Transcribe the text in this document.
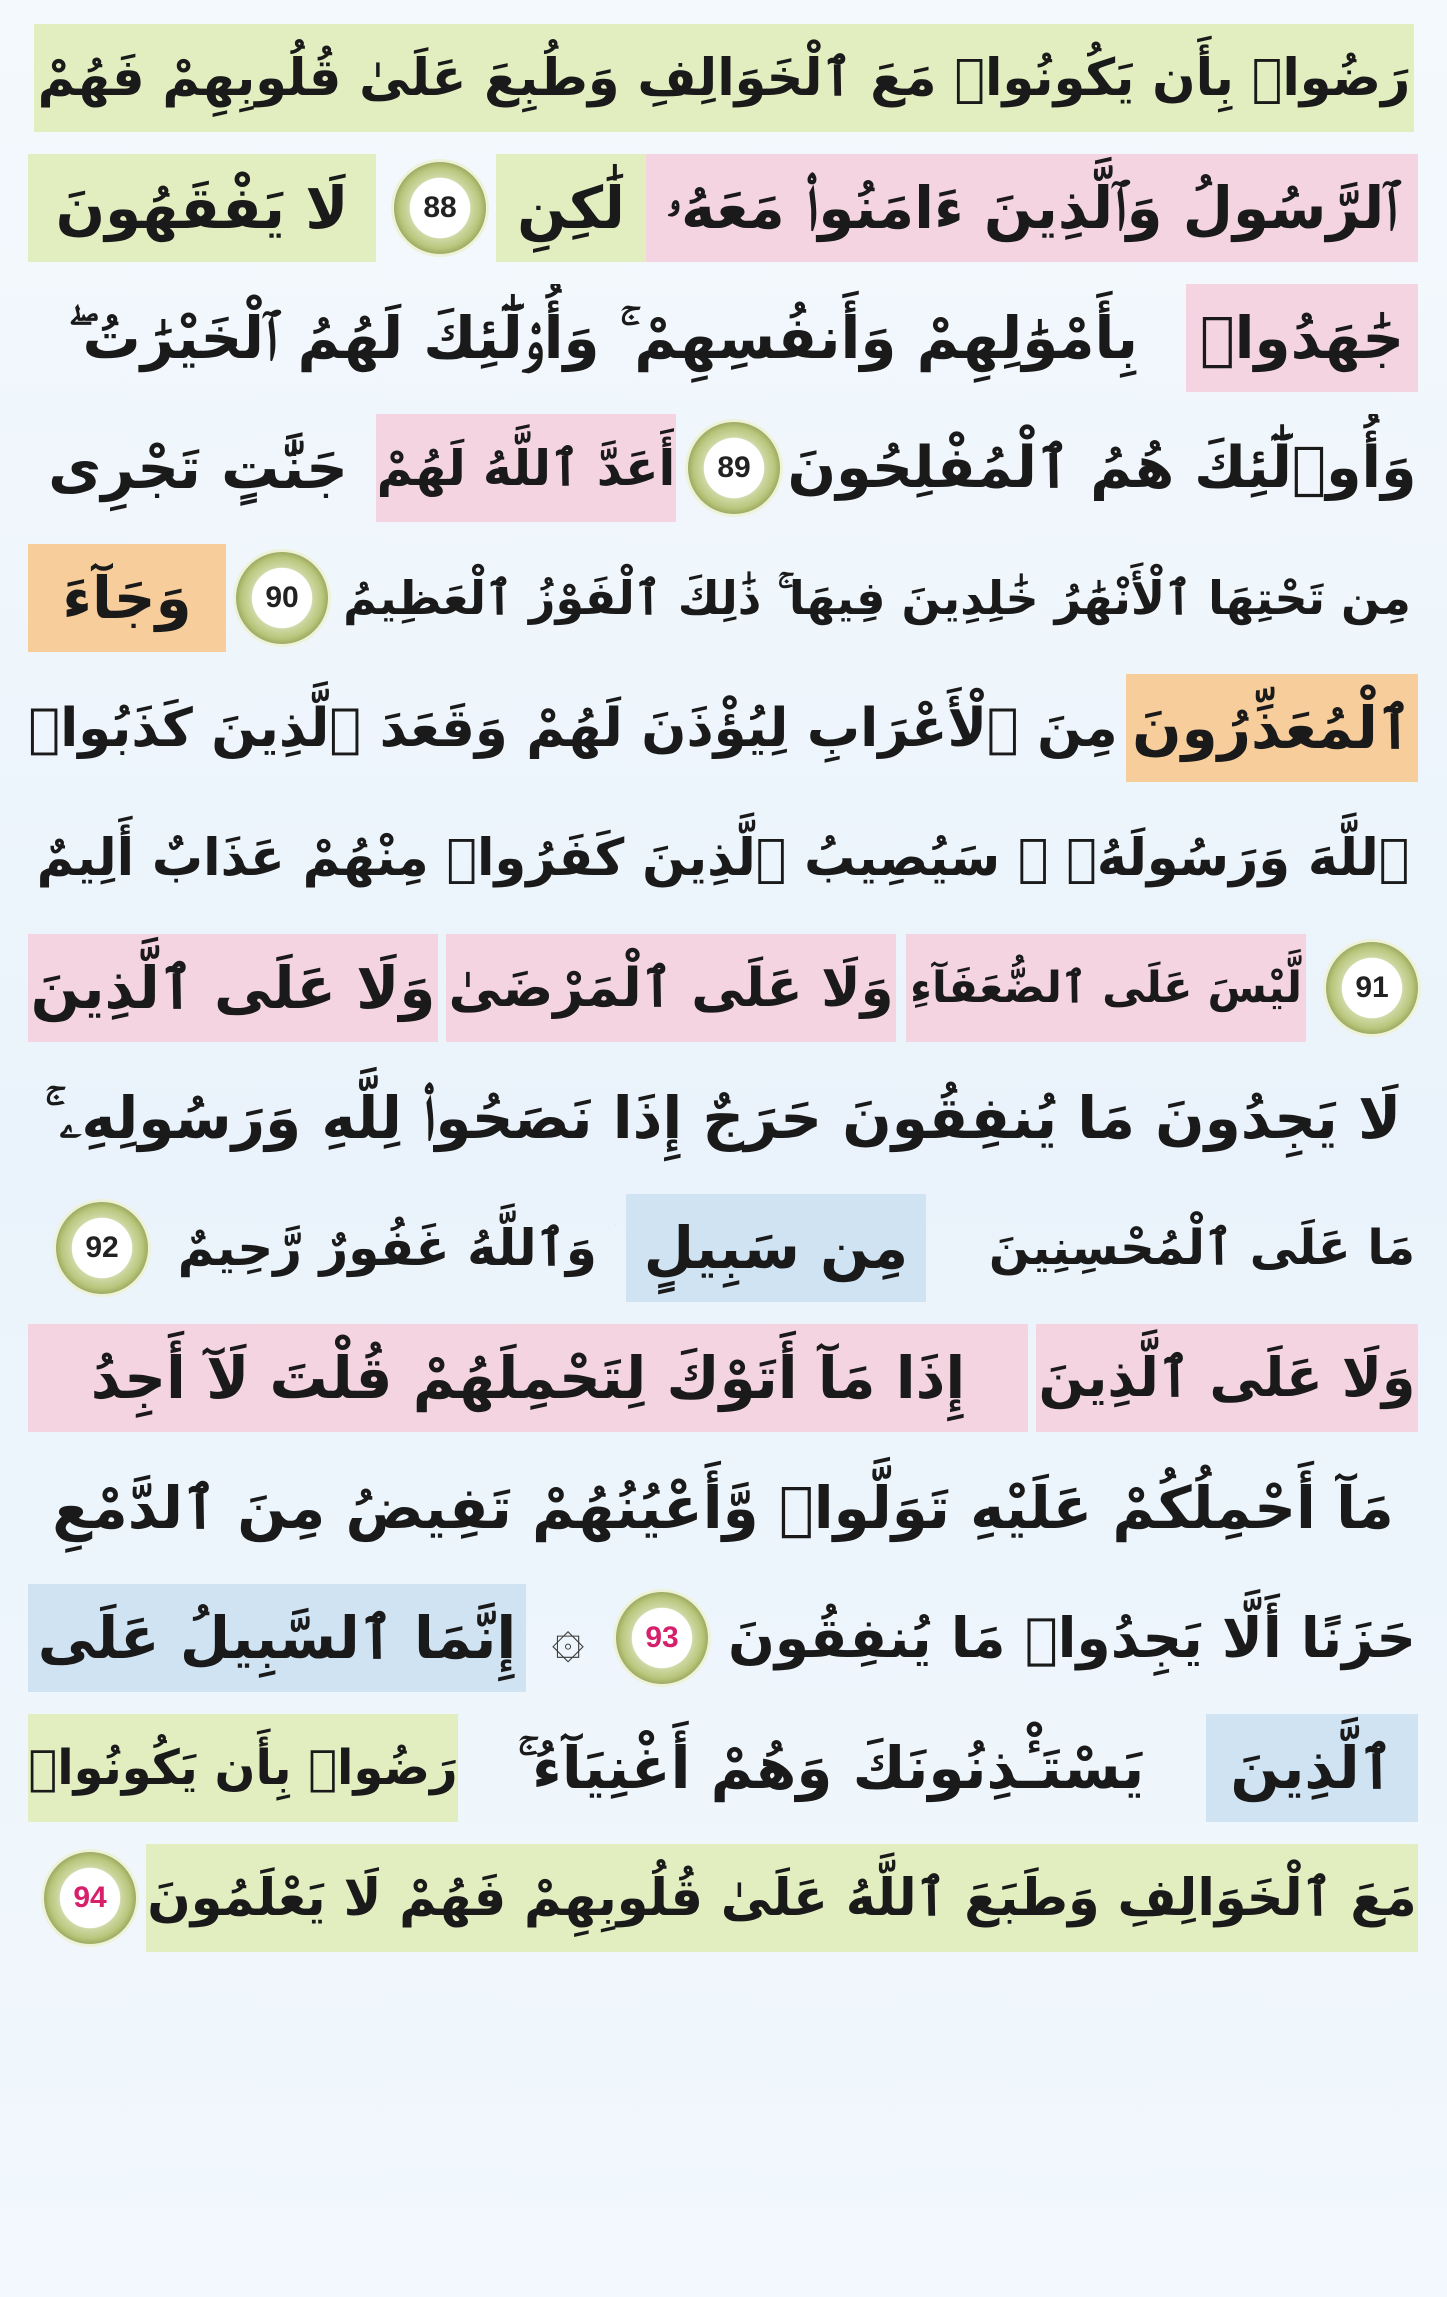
رَضُوا۟ بِأَن يَكُونُوا۟ مَعَ ٱلْخَوَالِفِ وَطُبِعَ عَلَىٰ قُلُوبِهِمْ فَهُمْ
لَا يَفْقَهُونَ	88	لَٰكِنِ ٱلرَّسُولُ وَٱلَّذِينَ ءَامَنُوا۟ مَعَهُۥ
جَٰهَدُوا۟
بِأَمْوَٰلِهِمْ وَأَنفُسِهِمْ ۚ وَأُو۟لَٰٓئِكَ لَهُمُ ٱلْخَيْرَٰتُ ۖ
وَأُو۟لَٰٓئِكَ هُمُ ٱلْمُفْلِحُونَ
89
أَعَدَّ ٱللَّهُ لَهُمْ
جَنَّٰتٍ تَجْرِى
مِن تَحْتِهَا ٱلْأَنْهَٰرُ خَٰلِدِينَ فِيهَا ۚ ذَٰلِكَ ٱلْفَوْزُ ٱلْعَظِيمُ
90
وَجَآءَ
ٱلْمُعَذِّرُونَ
مِنَ ٱلْأَعْرَابِ لِيُؤْذَنَ لَهُمْ وَقَعَدَ ٱلَّذِينَ كَذَبُوا۟
ٱللَّهَ وَرَسُولَهُۥ ۚ سَيُصِيبُ ٱلَّذِينَ كَفَرُوا۟ مِنْهُمْ عَذَابٌ أَلِيمٌ
91
لَّيْسَ عَلَى ٱلضُّعَفَآءِ
وَلَا عَلَى ٱلْمَرْضَىٰ
وَلَا عَلَى ٱلَّذِينَ
لَا يَجِدُونَ مَا يُنفِقُونَ حَرَجٌ إِذَا نَصَحُوا۟ لِلَّهِ وَرَسُولِهِۦ ۚ
مَا عَلَى ٱلْمُحْسِنِينَ
مِن سَبِيلٍ
ۚ وَٱللَّهُ غَفُورٌ رَّحِيمٌ
92
وَلَا عَلَى ٱلَّذِينَ
إِذَا مَآ أَتَوْكَ لِتَحْمِلَهُمْ قُلْتَ لَآ أَجِدُ
مَآ أَحْمِلُكُمْ عَلَيْهِ تَوَلَّوا۟ وَّأَعْيُنُهُمْ تَفِيضُ مِنَ ٱلدَّمْعِ
حَزَنًا أَلَّا يَجِدُوا۟ مَا يُنفِقُونَ
93
۞
إِنَّمَا ٱلسَّبِيلُ عَلَى
ٱلَّذِينَ
يَسْتَـْٔذِنُونَكَ وَهُمْ أَغْنِيَآءُ ۚ
رَضُوا۟ بِأَن يَكُونُوا۟
مَعَ ٱلْخَوَالِفِ وَطَبَعَ ٱللَّهُ عَلَىٰ قُلُوبِهِمْ فَهُمْ لَا يَعْلَمُونَ
94
